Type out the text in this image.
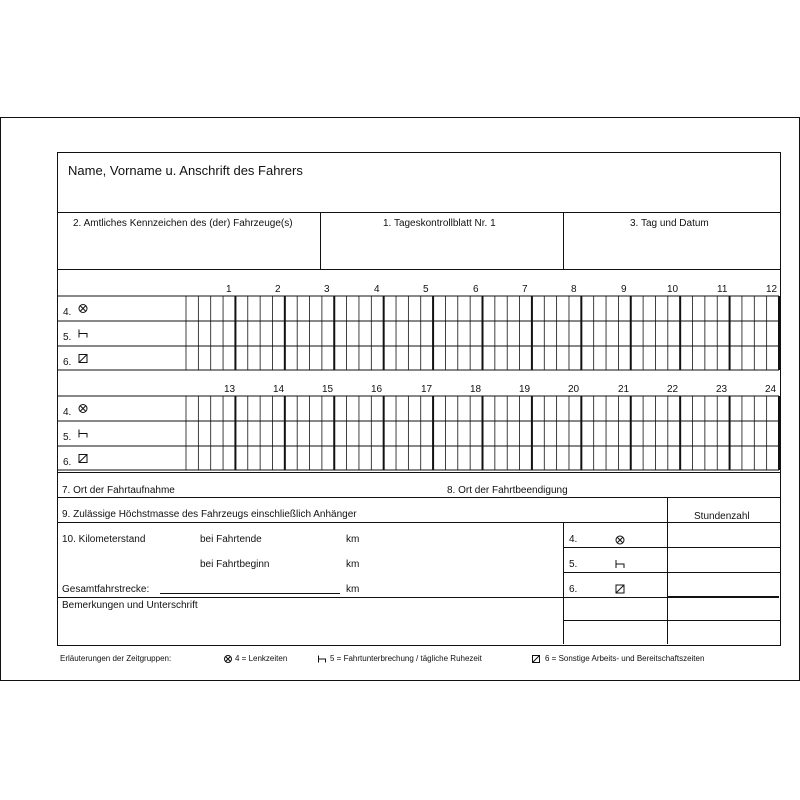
Name, Vorname u. Anschrift des Fahrers
2. Amtliches Kennzeichen des (der) Fahrzeuge(s)	1. Tageskontrollblatt Nr. 1	3. Tag und Datum
1	2	3	4	5	6	7	8	9	10	11	12
4.
5.
6.
13	14	15	16	17	18	19	20	21	22	23	24
4.
5.
6.
7. Ort der Fahrtaufnahme	8. Ort der Fahrtbeendigung
9. Zulässige Höchstmasse des Fahrzeugs einschließlich Anhänger	Stundenzahl
10. Kilometerstand	bei Fahrtende	km
bei Fahrtbeginn	km
Gesamtfahrstrecke:	km
4.
5.
6.
Bemerkungen und Unterschrift
Erläuterungen der Zeitgruppen:	4 = Lenkzeiten	5 = Fahrtunterbrechung / tägliche Ruhezeit	6 = Sonstige Arbeits- und Bereitschaftszeiten
